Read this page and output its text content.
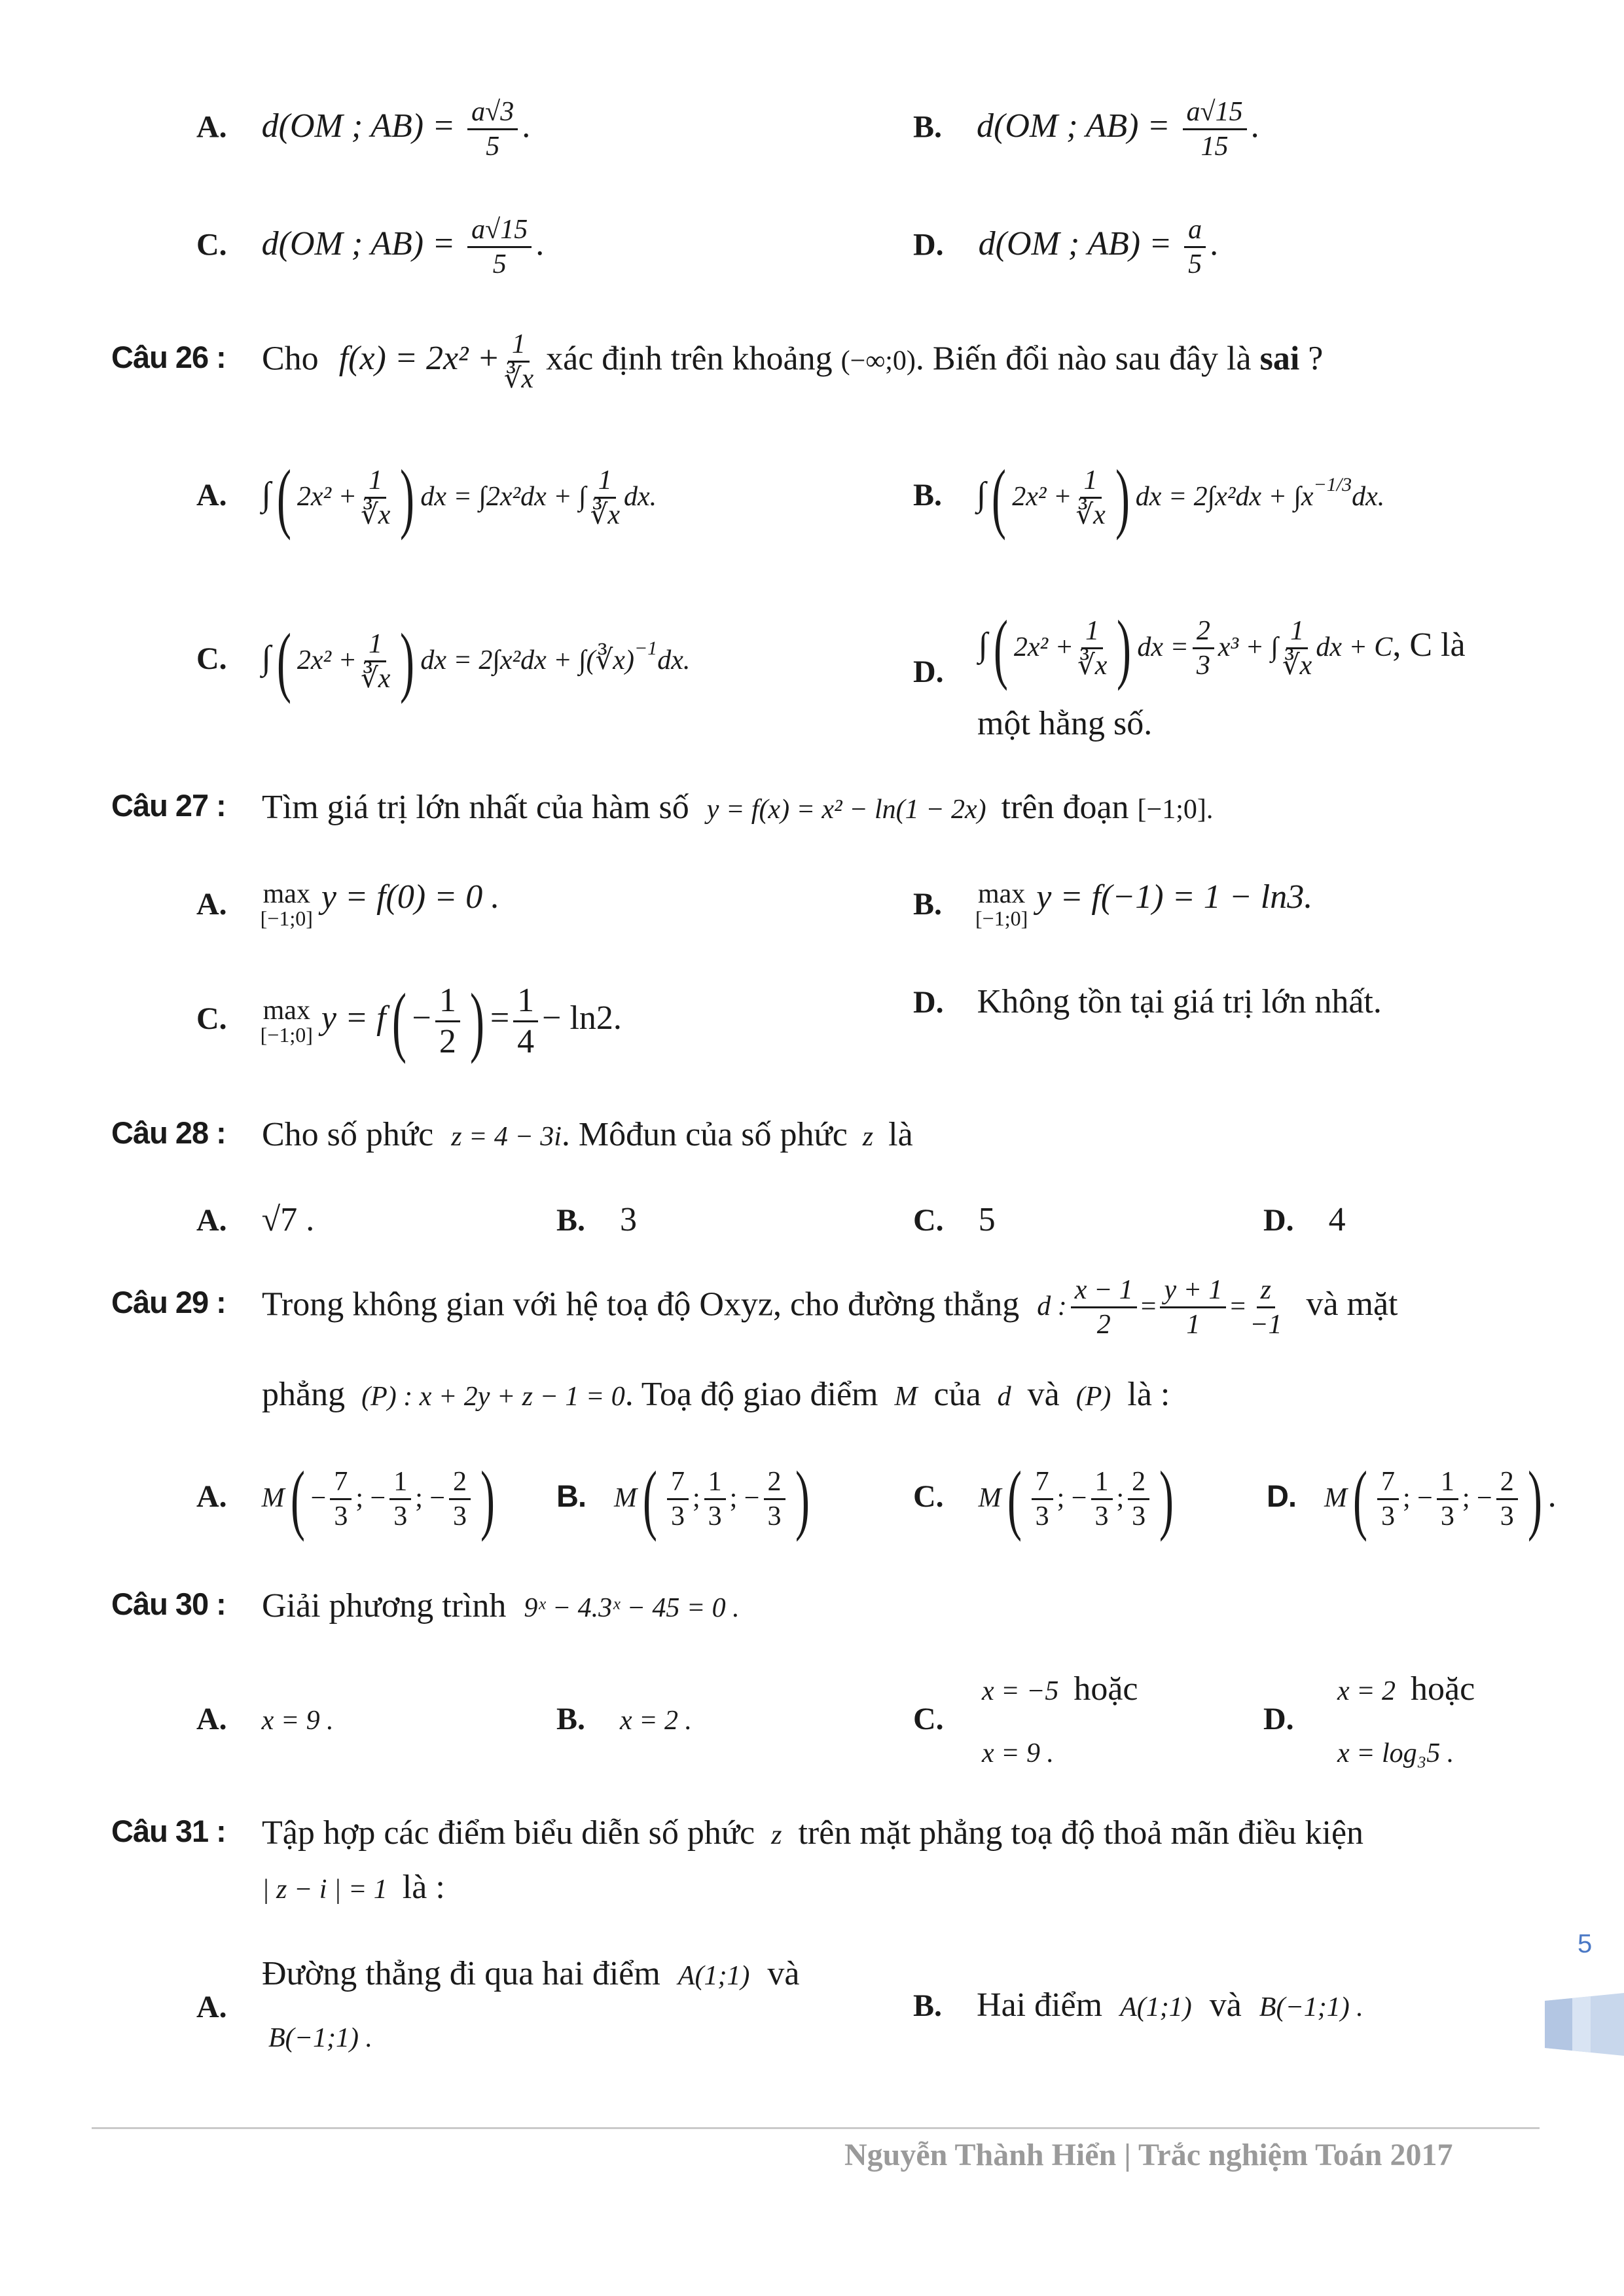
A. d(OM ; $AB) = \frac{a√3}{5}$ .	B. d(OM ; $AB) = \frac{a√15}{15}$ .
C. d(OM ; $AB) = \frac{a√15}{5}$ .	D. d(OM ; $AB) = \frac{a}{5}$ .
Câu 26 : Cho $f(x) = 2x^2 + \frac{1}{∛x}$ xác định trên khoảng (−∞;0). Biến đổi nào sau đây là sai ?
A. ∫( $2x^2 + \frac{1}{∛x}$ ) dx = ∫2x²dx + ∫ $\frac{1}{∛x}$ dx.	B. ∫( $2x^2 + \frac{1}{∛x}$ ) dx = $2\int x^2dx + \int x^{-1/3}dx$.
C. ∫( $2x^2 + \frac{1}{∛x}$ ) dx = 2∫x²dx + ∫(∛x)$^{-1}$dx.	D. ∫( $2x^2 + \frac{1}{∛x}$ ) dx = $\frac{2}{3} x^3$ + ∫ $\frac{1}{∛x}$ dx + C, C là
một hằng số.
Câu 27 : Tìm giá trị lớn nhất của hàm số y = f(x) = x² − ln(1 − 2x) trên đoạn [−1;0].
A. max
[−1;0]
y = f(0) = 0 .	B. max
[−1;0]
y = f(−1) = 1 − ln3.
C. max
[−1;0] $y = f( - \frac{1}{2}$ ) = $\frac{1}{4} - \ln 2$.	D. Không tồn tại giá trị lớn nhất.
Câu 28 : Cho số phức z = 4 − 3i. Môđun của số phức z là
A. √7 .	B. 3	C. 5	D. 4
Câu 29 : Trong không gian với hệ toạ độ Oxyz, cho đường thẳng d : $\frac{x - 1}{2} = \frac{y + 1}{1} = \frac{z}{-1}$ và mặt
phẳng (P) : x + 2y + z − 1 = 0. Toạ độ giao điểm M của d và (P) là :
A. $M( - \frac{7}{3}$ ; − $\frac{1}{3}$ ; − $\frac{2}{3}$ ) B. $M( \frac{7}{3}$ ; $\frac{1}{3}$ ; − $\frac{2}{3}$ )	C. $M( \frac{7}{3}$ ; − $\frac{1}{3}$ ; $\frac{2}{3}$ )	D. $M( \frac{7}{3}$ ; − $\frac{1}{3}$ ; − $\frac{2}{3}$ ) .
Câu 30 : Giải phương trình 9ˣ − 4.3ˣ − 45 = 0 .
A. x = 9 .	B. x = 2 .	C.
x = −5 hoặc
x = 9 .
D.
x = 2 hoặc
x = log₃5 .
Câu 31 : Tập hợp các điểm biểu diễn số phức z trên mặt phẳng toạ độ thoả mãn điều kiện
| z − i | = 1 là :
A.
Đường thẳng đi qua hai điểm A(1;1) và
B(−1;1) .
B. Hai điểm A(1;1) và B(−1;1) .
5
Nguyễn Thành Hiển | Trắc nghiệm Toán 2017
